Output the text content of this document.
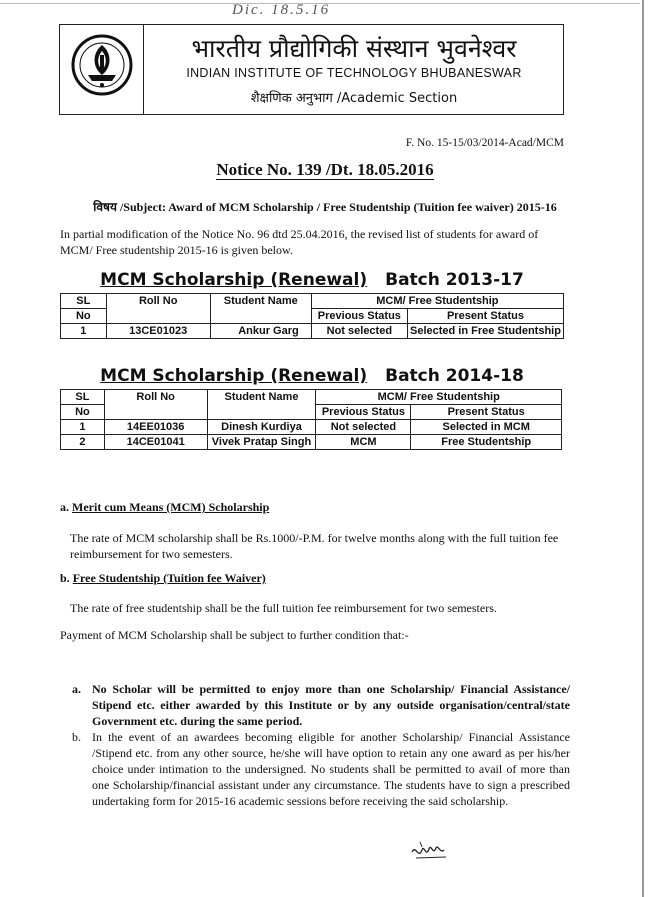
Dic. 18.5.16
भारतीय प्रौद्योगिकी संस्थान भुवनेश्वर
INDIAN INSTITUTE OF TECHNOLOGY BHUBANESWAR
शैक्षणिक अनुभाग /Academic Section
F. No. 15-15/03/2014-Acad/MCM
Notice No. 139 /Dt. 18.05.2016
विषय /Subject: Award of MCM Scholarship / Free Studentship (Tuition fee waiver) 2015-16
In partial modification of the Notice No. 96 dtd 25.04.2016, the revised list of students for award of MCM/ Free studentship 2015-16 is given below.
MCM Scholarship (Renewal) Batch 2013-17
SL	Roll No	Student Name	MCM/ Free Studentship	
No			Previous Status	Present Status
1	13CE01023	Ankur Garg	Not selected	Selected in Free Studentship
MCM Scholarship (Renewal) Batch 2014-18
SL	Roll No	Student Name	MCM/ Free Studentship	
No			Previous Status	Present Status
1	14EE01036	Dinesh Kurdiya	Not selected	Selected in MCM
2	14CE01041	Vivek Pratap Singh	MCM	Free Studentship
a. Merit cum Means (MCM) Scholarship
The rate of MCM scholarship shall be Rs.1000/-P.M. for twelve months along with the full tuition fee reimbursement for two semesters.
b. Free Studentship (Tuition fee Waiver)
The rate of free studentship shall be the full tuition fee reimbursement for two semesters.
Payment of MCM Scholarship shall be subject to further condition that:-
a. No Scholar will be permitted to enjoy more than one Scholarship/ Financial Assistance/ Stipend etc. either awarded by this Institute or by any outside organisation/central/state Government etc. during the same period.
b. In the event of an awardees becoming eligible for another Scholarship/ Financial Assistance /Stipend etc. from any other source, he/she will have option to retain any one award as per his/her choice under intimation to the undersigned. No students shall be permitted to avail of more than one Scholarship/financial assistant under any circumstance. The students have to sign a prescribed undertaking form for 2015-16 academic sessions before receiving the said scholarship.
